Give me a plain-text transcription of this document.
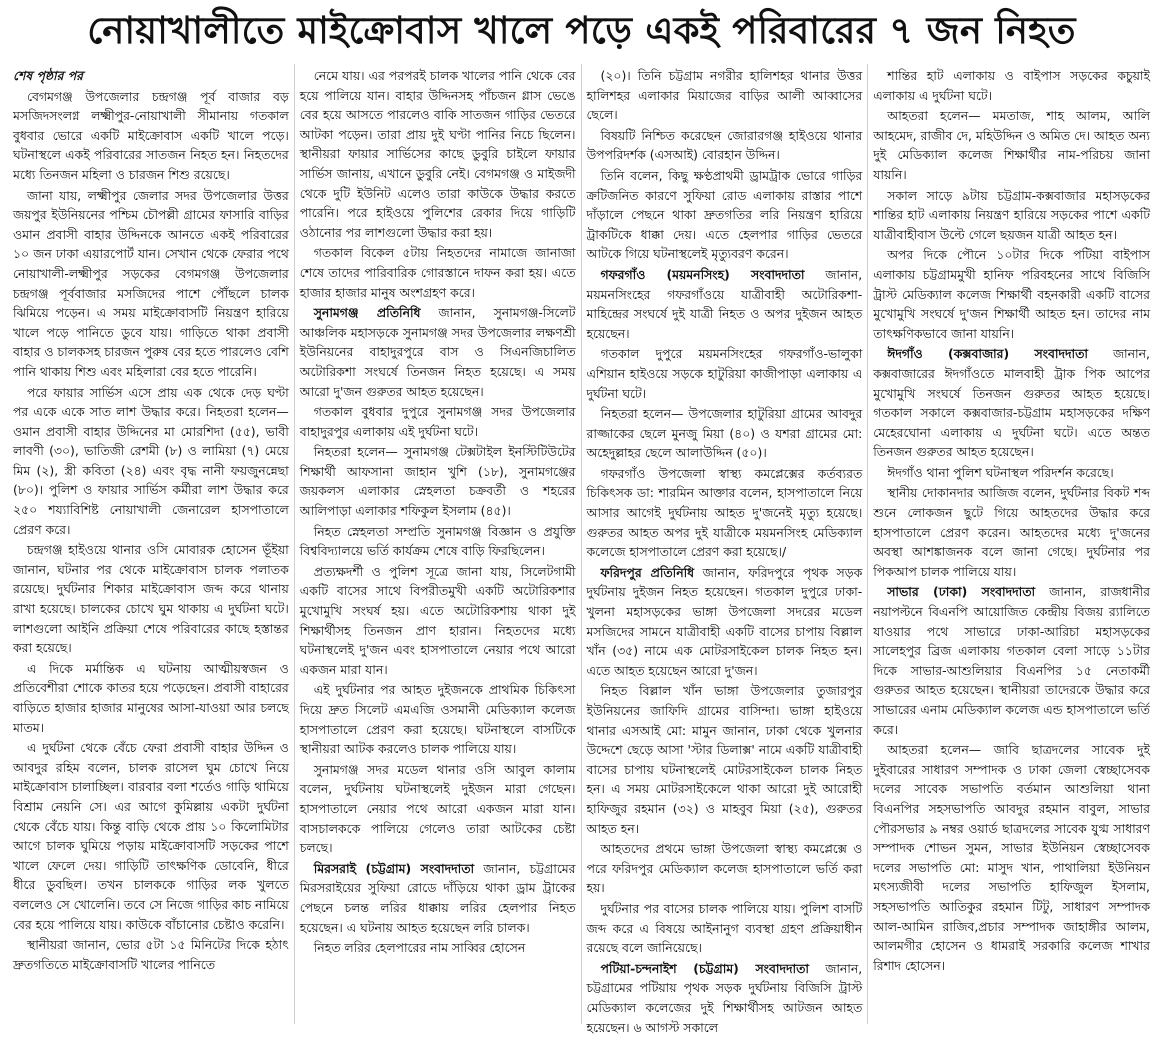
নোয়াখালীতে মাইক্রোবাস খালে পড়ে একই পরিবারের ৭ জন নিহত

শেষ পৃষ্ঠার পর

বেগমগঞ্জ উপজেলার চন্দ্রগঞ্জ পূর্ব বাজার বড় মসজিদসংলগ্ন লক্ষ্মীপুর-নোয়াখালী সীমানায় গতকাল বুধবার ভোরে একটি মাইক্রোবাস একটি খালে পড়ে। ঘটনাস্থলে একই পরিবারের সাতজন নিহত হন। নিহতদের মধ্যে তিনজন মহিলা ও চারজন শিশু রয়েছে।

জানা যায়, লক্ষ্মীপুর জেলার সদর উপজেলার উত্তর জয়পুর ইউনিয়নের পশ্চিম চৌপল্লী গ্রামের ফাসারি বাড়ির ওমান প্রবাসী বাহার উদ্দিনকে আনতে একই পরিবারের ১০ জন ঢাকা এয়ারপোর্ট যান। সেখান থেকে ফেরার পথে নোয়াখালী-লক্ষ্মীপুর সড়কের বেগমগঞ্জ উপজেলার চন্দ্রগঞ্জ পূর্ববাজার মসজিদের পাশে পৌঁছলে চালক ঝিমিয়ে পড়েন। এ সময় মাইক্রোবাসটি নিয়ন্ত্রণ হারিয়ে খালে পড়ে পানিতে ডুবে যায়। গাড়িতে থাকা প্রবাসী বাহার ও চালকসহ চারজন পুরুষ বের হতে পারলেও বেশি পানি থাকায় শিশু এবং মহিলারা বের হতে পারেনি।

পরে ফায়ার সার্ভিস এসে প্রায় এক থেকে দেড় ঘণ্টা পর একে একে সাত লাশ উদ্ধার করে। নিহতরা হলেন— ওমান প্রবাসী বাহার উদ্দিনের মা মোরশিদা (৫৫), ভাবী লাবণী (৩০), ভাতিজী রেশমী (৮) ও লামিয়া (৭) মেয়ে মিম (২), স্ত্রী কবিতা (২৪) এবং বৃদ্ধ নানী ফয়জুনন্নেছা (৮০)। পুলিশ ও ফায়ার সার্ভিস কর্মীরা লাশ উদ্ধার করে ২৫০ শয্যাবিশিষ্ট নোয়াখালী জেনারেল হাসপাতালে প্রেরণ করে।

চন্দ্রগঞ্জ হাইওয়ে থানার ওসি মোবারক হোসেন ভূঁইয়া জানান, ঘটনার পর থেকে মাইক্রোবাস চালক পলাতক রয়েছে। দুর্ঘটনার শিকার মাইক্রোবাস জব্দ করে থানায় রাখা হয়েছে। চালকের চোখে ঘুম থাকায় এ দুর্ঘটনা ঘটে। লাশগুলো আইনি প্রক্রিয়া শেষে পরিবারের কাছে হস্তান্তর করা হয়েছে।

এ দিকে মর্মান্তিক এ ঘটনায় আত্মীয়স্বজন ও প্রতিবেশীরা শোকে কাতর হয়ে পড়েছেন। প্রবাসী বাহারের বাড়িতে হাজার হাজার মানুষের আসা-যাওয়া আর চলছে মাতম।

এ দুর্ঘটনা থেকে বেঁচে ফেরা প্রবাসী বাহার উদ্দিন ও আবদুর রহিম বলেন, চালক রাসেল ঘুম চোখে নিয়ে মাইক্রোবাস চালাচ্ছিল। বারবার বলা শর্তেও গাড়ি থামিয়ে বিশ্রাম নেয়নি সে। এর আগে কুমিল্লায় একটা দুর্ঘটনা থেকে বেঁচে যায়। কিন্তু বাড়ি থেকে প্রায় ১০ কিলোমিটার আগে চালক ঘুমিয়ে পড়ায় মাইক্রোবাসটি সড়কের পাশে খালে ফেলে দেয়। গাড়িটি তাৎক্ষণিক ডোবেনি, ধীরে ধীরে ডুবছিল। তখন চালককে গাড়ির লক খুলতে বললেও সে খোলেনি। তবে সে নিজে গাড়ির কাচ নামিয়ে বের হয়ে পালিয়ে যায়। কাউকে বাঁচানোর চেষ্টাও করেনি।

স্থানীয়রা জানান, ভোর ৫টা ১৫ মিনিটের দিকে হঠাৎ দ্রুতগতিতে মাইক্রোবাসটি খালের পানিতে

নেমে যায়। এর পরপরই চালক খালের পানি থেকে বের হয়ে পালিয়ে যান। বাহার উদ্দিনসহ পাঁচজন গ্লাস ভেঙে বের হয়ে আসতে পারলেও বাকি সাতজন গাড়ির ভেতরে আটকা পড়েন। তারা প্রায় দুই ঘণ্টা পানির নিচে ছিলেন। স্থানীয়রা ফায়ার সার্ভিসের কাছে ডুবুরি চাইলে ফায়ার সার্ভিস জানায়, এখানে ডুবুরি নেই। বেগমগঞ্জ ও মাইজদী থেকে দুটি ইউনিট এলেও তারা কাউকে উদ্ধার করতে পারেনি। পরে হাইওয়ে পুলিশের রেকার দিয়ে গাড়িটি ওঠানোর পর লাশগুলো উদ্ধার করা হয়।

গতকাল বিকেল ৫টায় নিহতদের নামাজে জানাজা শেষে তাদের পারিবারিক গোরস্তানে দাফন করা হয়। এতে হাজার হাজার মানুষ অংশগ্রহণ করে।

সুনামগঞ্জ প্রতিনিধি জানান, সুনামগঞ্জ-সিলেট আঞ্চলিক মহাসড়কে সুনামগঞ্জ সদর উপজেলার লক্ষণশ্রী ইউনিয়নের বাহাদুরপুরে বাস ও সিএনজিচালিত অটোরিকশা সংঘর্ষে তিনজন নিহত হয়েছে। এ সময় আরো দু'জন গুরুতর আহত হয়েছেন।

গতকাল বুধবার দুপুরে সুনামগঞ্জ সদর উপজেলার বাহাদুরপুর এলাকায় এই দুর্ঘটনা ঘটে।

নিহতরা হলেন— সুনামগঞ্জ টেক্সটাইল ইনস্টিটিউটের শিক্ষার্থী আফসানা জাহান খুশি (১৮), সুনামগঞ্জের জয়কলস এলাকার স্নেহলতা চক্রবর্তী ও শহরের আলিপাড়া এলাকার শফিকুল ইসলাম (৪৫)।

নিহত স্নেহলতা সম্প্রতি সুনামগঞ্জ বিজ্ঞান ও প্রযুক্তি বিশ্ববিদ্যালয়ে ভর্তি কার্যক্রম শেষে বাড়ি ফিরছিলেন।

প্রত্যক্ষদর্শী ও পুলিশ সূত্রে জানা যায়, সিলেটগামী একটি বাসের সাথে বিপরীতমুখী একটি অটোরিকশার মুখোমুখি সংঘর্ষ হয়। এতে অটোরিকশায় থাকা দুই শিক্ষার্থীসহ তিনজন প্রাণ হারান। নিহতদের মধ্যে ঘটনাস্থলেই দু'জন এবং হাসপাতালে নেয়ার পথে আরো একজন মারা যান।

এই দুর্ঘটনার পর আহত দুইজনকে প্রাথমিক চিকিৎসা দিয়ে দ্রুত সিলেট এমএজি ওসমানী মেডিক্যাল কলেজ হাসপাতালে প্রেরণ করা হয়েছে। ঘটনাস্থলে বাসটিকে স্থানীয়রা আটক করলেও চালক পালিয়ে যায়।

সুনামগঞ্জ সদর মডেল থানার ওসি আবুল কালাম বলেন, দুর্ঘটনায় ঘটনাস্থলেই দুইজন মারা গেছেন। হাসপাতালে নেয়ার পথে আরো একজন মারা যান। বাসচালককে পালিয়ে গেলেও তারা আটকের চেষ্টা চলছে।

মিরসরাই (চট্টগ্রাম) সংবাদদাতা জানান, চট্টগ্রামের মিরসরাইয়ের সুফিয়া রোডে দাঁড়িয়ে থাকা ড্রাম ট্রাকের পেছনে চলন্ত লরির ধাক্কায় লরির হেলপার নিহত হয়েছেন। এ ঘটনায় আহত হয়েছেন লরি চালক।

নিহত লরির হেলপারের নাম সাব্বির হোসেন

(২০)। তিনি চট্টগ্রাম নগরীর হালিশহর থানার উত্তর হালিশহর এলাকার মিয়াজের বাড়ির আলী আব্বাসের ছেলে।

বিষয়টি নিশ্চিত করেছেন জোরারগঞ্জ হাইওয়ে থানার উপপরিদর্শক (এসআই) বোরহান উদ্দিন।

তিনি বলেন, কিছু ক্ষণ্ঠপ্রাথমী ড্রামট্রাক ভোরে গাড়ির ক্রটিজনিত কারণে সুফিয়া রোড এলাকায় রাস্তার পাশে দাঁড়ালে পেছনে থাকা দ্রুতগতির লরি নিয়ন্ত্রণ হারিয়ে ট্রাকটিকে ধাক্কা দেয়। এতে হেলপার গাড়ির ভেতরে আটকে গিয়ে ঘটনাস্থলেই মৃত্যুবরণ করেন।

গফরগাঁও (ময়মনসিংহ) সংবাদদাতা জানান, ময়মনসিংহের গফরগাঁওয়ে যাত্রীবাহী অটোরিকশা-মাহিন্দ্রের সংঘর্ষে দুই যাত্রী নিহত ও অপর দুইজন আহত হয়েছেন।

গতকাল দুপুরে ময়মনসিংহের গফরগাঁও-ভালুকা এশিয়ান হাইওয়ে সড়কে হাটুরিয়া কাজীপাড়া এলাকায় এ দুর্ঘটনা ঘটে।

নিহতরা হলেন— উপজেলার হাটুরিয়া গ্রামের আবদুর রাজ্জাকের ছেলে মুনজু মিয়া (৪০) ও যশরা গ্রামের মো: অহেদুল্লাহর ছেলে আলাউদ্দিন (৫০)।

গফরগাঁও উপজেলা স্বাস্থ্য কমপ্লেক্সের কর্তব্যরত চিকিৎসক ডা: শারমিন আক্তার বলেন, হাসপাতালে নিয়ে আসার আগেই দুর্ঘটনায় আহত দু'জনেই মৃত্যু হয়েছে। গুরুতর আহত অপর দুই যাত্রীকে ময়মনসিংহ মেডিক্যাল কলেজে হাসপাতালে প্রেরণ করা হয়েছে।/

ফরিদপুর প্রতিনিধি জানান, ফরিদপুরে পৃথক সড়ক দুর্ঘটনায় দুইজন নিহত হয়েছেন। গতকাল দুপুরে ঢাকা-খুলনা মহাসড়কের ভাঙ্গা উপজেলা সদরের মডেল মসজিদের সামনে যাত্রীবাহী একটি বাসের চাপায় বিল্লাল খাঁন (৩৫) নামে এক মোটরসাইকেল চালক নিহত হন। এতে আহত হয়েছেন আরো দু'জন।

নিহত বিল্লাল খাঁন ভাঙ্গা উপজেলার তুজারপুর ইউনিয়নের জাফিদি গ্রামের বাসিন্দা। ভাঙ্গা হাইওয়ে থানার এসআই মো: মামুন জানান, ঢাকা থেকে খুলনার উদ্দেশে ছেড়ে আসা 'স্টার ডিলাক্স' নামে একটি যাত্রীবাহী বাসের চাপায় ঘটনাস্থলেই মোটরসাইকেল চালক নিহত হন। এ সময় মোটরসাইকেলে থাকা আরো দুই আরোহী হাফিজুর রহমান (৩২) ও মাহবুব মিয়া (২৫), গুরুতর আহত হন।

আহতদের প্রথমে ভাঙ্গা উপজেলা স্বাস্থ্য কমপ্লেক্সে ও পরে ফরিদপুর মেডিক্যাল কলেজ হাসপাতালে ভর্তি করা হয়।

দুর্ঘটনার পর বাসের চালক পালিয়ে যায়। পুলিশ বাসটি জব্দ করে এ বিষয়ে আইনানুগ ব্যবস্থা গ্রহণ প্রক্রিয়াধীন রয়েছে বলে জানিয়েছে।

পটিয়া-চন্দনাইশ (চট্টগ্রাম) সংবাদদাতা জানান, চট্টগ্রামের পটিয়ায় পৃথক সড়ক দুর্ঘটনায় বিজিসি ট্রাস্ট মেডিক্যাল কলেজের দুই শিক্ষার্থীসহ আটজন আহত হয়েছেন। ৬ আগস্ট সকালে

শান্তির হাট এলাকায় ও বাইপাস সড়কের কচুয়াই এলাকায় এ দুর্ঘটনা ঘটে।

আহতরা হলেন— মমতাজ, শাহ আলম, আলি আহমেদ, রাজীব দে, মহিউদ্দিন ও অমিত দে। আহত অন্য দুই মেডিক্যাল কলেজ শিক্ষার্থীর নাম-পরিচয় জানা যায়নি।

সকাল সাড়ে ৯টায় চট্টগ্রাম-কক্সবাজার মহাসড়কের শান্তির হাট এলাকায় নিয়ন্ত্রণ হারিয়ে সড়কের পাশে একটি যাত্রীবাহীবাস উল্টে গেলে ছয়জন যাত্রী আহত হন।

অপর দিকে পৌনে ১০টার দিকে পটিয়া বাইপাস এলাকায় চট্টগ্রামমুখী হানিফ পরিবহনের সাথে বিজিসি ট্রাস্ট মেডিক্যাল কলেজ শিক্ষার্থী বহনকারী একটি বাসের মুখোমুখি সংঘর্ষে দু'জন শিক্ষার্থী আহত হন। তাদের নাম তাৎক্ষণিকভাবে জানা যায়নি।

ঈদগাঁও (কক্সবাজার) সংবাদদাতা জানান, কক্সবাজারের ঈদগাঁওতে মালবাহী ট্রাক পিক আপের মুখোমুখি সংঘর্ষে তিনজন গুরুতর আহত হয়েছে। গতকাল সকালে কক্সবাজার-চট্টগ্রাম মহাসড়কের দক্ষিণ মেহেরঘোনা এলাকায় এ দুর্ঘটনা ঘটে। এতে অন্তত তিনজন গুরুতর আহত হয়েছেন।

ঈদগাঁও থানা পুলিশ ঘটনাস্থল পরিদর্শন করেছে।

স্থানীয় দোকানদার আজিজ বলেন, দুর্ঘটনার বিকট শব্দ শুনে লোকজন ছুটে গিয়ে আহতদের উদ্ধার করে হাসপাতালে প্রেরণ করেন। আহতদের মধ্যে দু'জনের অবস্থা আশঙ্কাজনক বলে জানা গেছে। দুর্ঘটনার পর পিকআপ চালক পালিয়ে যায়।

সাভার (ঢাকা) সংবাদদাতা জানান, রাজধানীর নয়াপল্টনে বিএনপি আয়োজিত কেন্দ্রীয় বিজয় র‍্যালিতে যাওয়ার পথে সাভারে ঢাকা-আরিচা মহাসড়কের সালেহপুর ব্রিজ এলাকায় গতকাল বেলা সাড়ে ১১টার দিকে সাভার-আশুলিয়ার বিএনপির ১৫ নেতাকর্মী গুরুতর আহত হয়েছেন। স্থানীয়রা তাদেরকে উদ্ধার করে সাভারের এনাম মেডিক্যাল কলেজ এন্ড হাসপাতালে ভর্তি করে।

আহতরা হলেন— জাবি ছাত্রদলের সাবেক দুই দুইবারের সাধারণ সম্পাদক ও ঢাকা জেলা স্বেচ্ছাসেবক দলের সাবেক সভাপতি বর্তমান আশুলিয়া থানা বিএনপির সহসভাপতি আবদুর রহমান বাবুল, সাভার পৌরসভার ৯ নম্বর ওয়ার্ড ছাত্রদলের সাবেক যুগ্ম সাধারণ সম্পাদক শোভন সুমন, সাভার ইউনিয়ন স্বেচ্ছাসেবক দলের সভাপতি মো: মাসুদ খান, পাথালিয়া ইউনিয়ন মৎস্যজীবী দলের সভাপতি হাফিজুল ইসলাম, সহসভাপতি আতিকুর রহমান টিটু, সাধারণ সম্পাদক আল-আমিন রাজিব,প্রচার সম্পাদক জাহাঙ্গীর আলম, আলমগীর হোসেন ও ধামরাই সরকারি কলেজ শাখার রিশাদ হোসেন।
